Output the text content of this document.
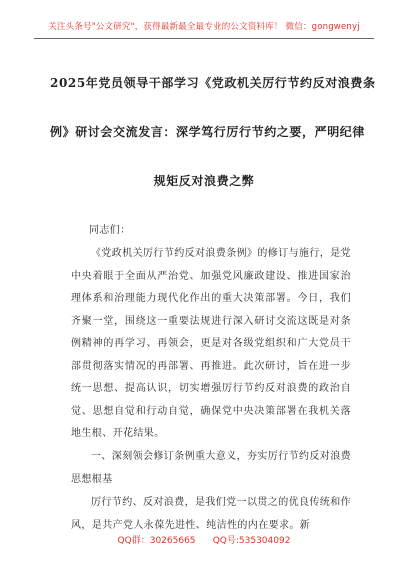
关注头条号"公文研究"，获得最新最全最专业的公文资料库！ 微信：gongwenyj
2025年党员领导干部学习《党政机关厉行节约反对浪费条
例》研讨会交流发言：深学笃行厉行节约之要，严明纪律
规矩反对浪费之弊
同志们：
《党政机关厉行节约反对浪费条例》的修订与施行，是党中央着眼于全面从严治党、加强党风廉政建设、推进国家治理体系和治理能力现代化作出的重大决策部署。今日，我们齐聚一堂，围绕这一重要法规进行深入研讨交流这既是对条例精神的再学习、再领会，更是对各级党组织和广大党员干部贯彻落实情况的再部署、再推进。此次研讨，旨在进一步统一思想、提高认识，切实增强厉行节约反对浪费的政治自觉、思想自觉和行动自觉，确保党中央决策部署在我机关落地生根、开花结果。
一、深刻领会修订条例重大意义，夯实厉行节约反对浪费思想根基
厉行节约、反对浪费，是我们党一以贯之的优良传统和作风，是共产党人永葆先进性、纯洁性的内在要求。新
QQ群：30265665      QQ号:535304092
